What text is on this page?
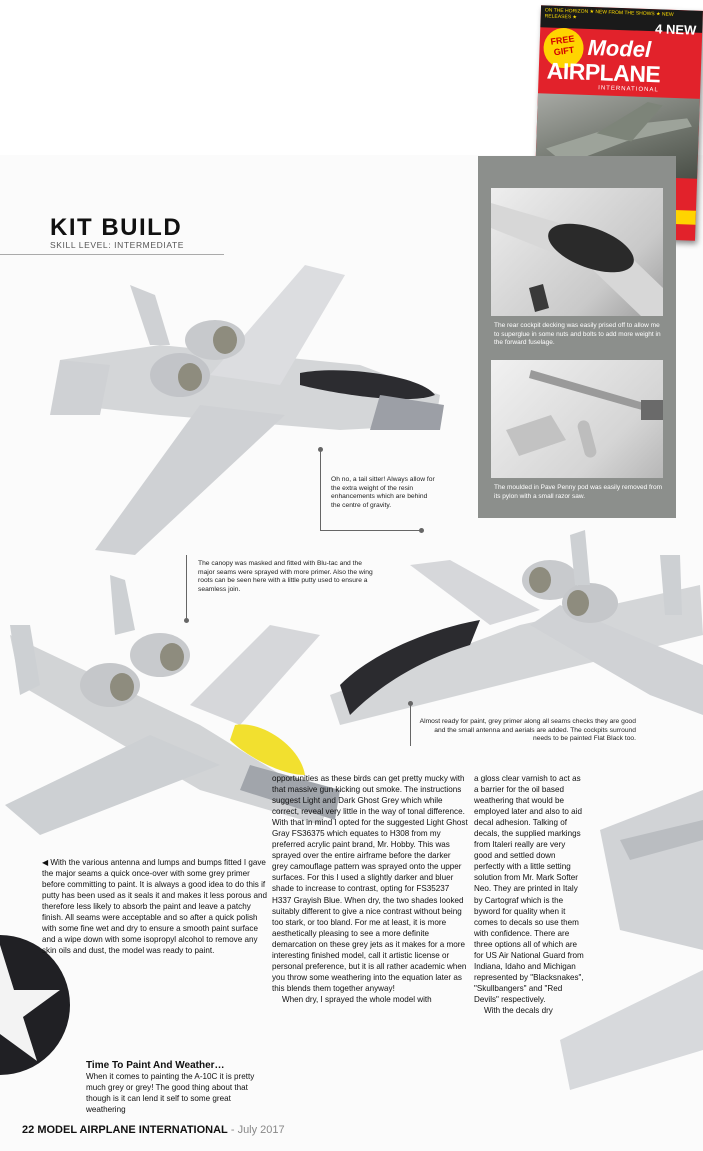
ON THE HORIZON ★ NEW FROM THE SHOWS ★ NEW RELEASES ★
4 NEW
FREE GIFT Model
AIRPLANE
INTERNATIONAL
KIT BUILD
SKILL LEVEL: INTERMEDIATE
The rear cockpit decking was easily prised off to allow me to superglue in some nuts and bolts to add more weight in the forward fuselage.
The moulded in Pave Penny pod was easily removed from its pylon with a small razor saw.
Oh no, a tail sitter! Always allow for the extra weight of the resin enhancements which are behind the centre of gravity.
The canopy was masked and fitted with Blu-tac and the major seams were sprayed with more primer. Also the wing roots can be seen here with a little putty used to ensure a seamless join.
Almost ready for paint, grey primer along all seams checks they are good and the small antenna and aerials are added. The cockpits surround needs to be painted Flat Black too.

◀ With the various antenna and lumps and bumps fitted I gave the major seams a quick once-over with some grey primer before committing to paint. It is always a good idea to do this if putty has been used as it seals it and makes it less porous and therefore less likely to absorb the paint and leave a patchy finish. All seams were acceptable and so after a quick polish with some fine wet and dry to ensure a smooth paint surface and a wipe down with some isopropyl alcohol to remove any skin oils and dust, the model was ready to paint.

Time To Paint And Weather…

When it comes to painting the A-10C it is pretty much grey or grey! The good thing about that though is it can lend it self to some great weathering

opportunities as these birds can get pretty mucky with that massive gun kicking out smoke. The instructions suggest Light and Dark Ghost Grey which while correct, reveal very little in the way of tonal difference. With that in mind I opted for the suggested Light Ghost Gray FS36375 which equates to H308 from my preferred acrylic paint brand, Mr. Hobby. This was sprayed over the entire airframe before the darker grey camouflage pattern was sprayed onto the upper surfaces. For this I used a slightly darker and bluer shade to increase to contrast, opting for FS35237 H337 Grayish Blue. When dry, the two shades looked suitably different to give a nice contrast without being too stark, or too bland. For me at least, it is more aesthetically pleasing to see a more definite demarcation on these grey jets as it makes for a more interesting finished model, call it artistic license or personal preference, but it is all rather academic when you throw some weathering into the equation later as this blends them together anyway!

When dry, I sprayed the whole model with

a gloss clear varnish to act as a barrier for the oil based weathering that would be employed later and also to aid decal adhesion. Talking of decals, the supplied markings from Italeri really are very good and settled down perfectly with a little setting solution from Mr. Mark Softer Neo. They are printed in Italy by Cartograf which is the byword for quality when it comes to decals so use them with confidence. There are three options all of which are for US Air National Guard from Indiana, Idaho and Michigan represented by "Blacksnakes", "Skullbangers" and "Red Devils" respectively.

With the decals dry

22 MODEL AIRPLANE INTERNATIONAL - July 2017
